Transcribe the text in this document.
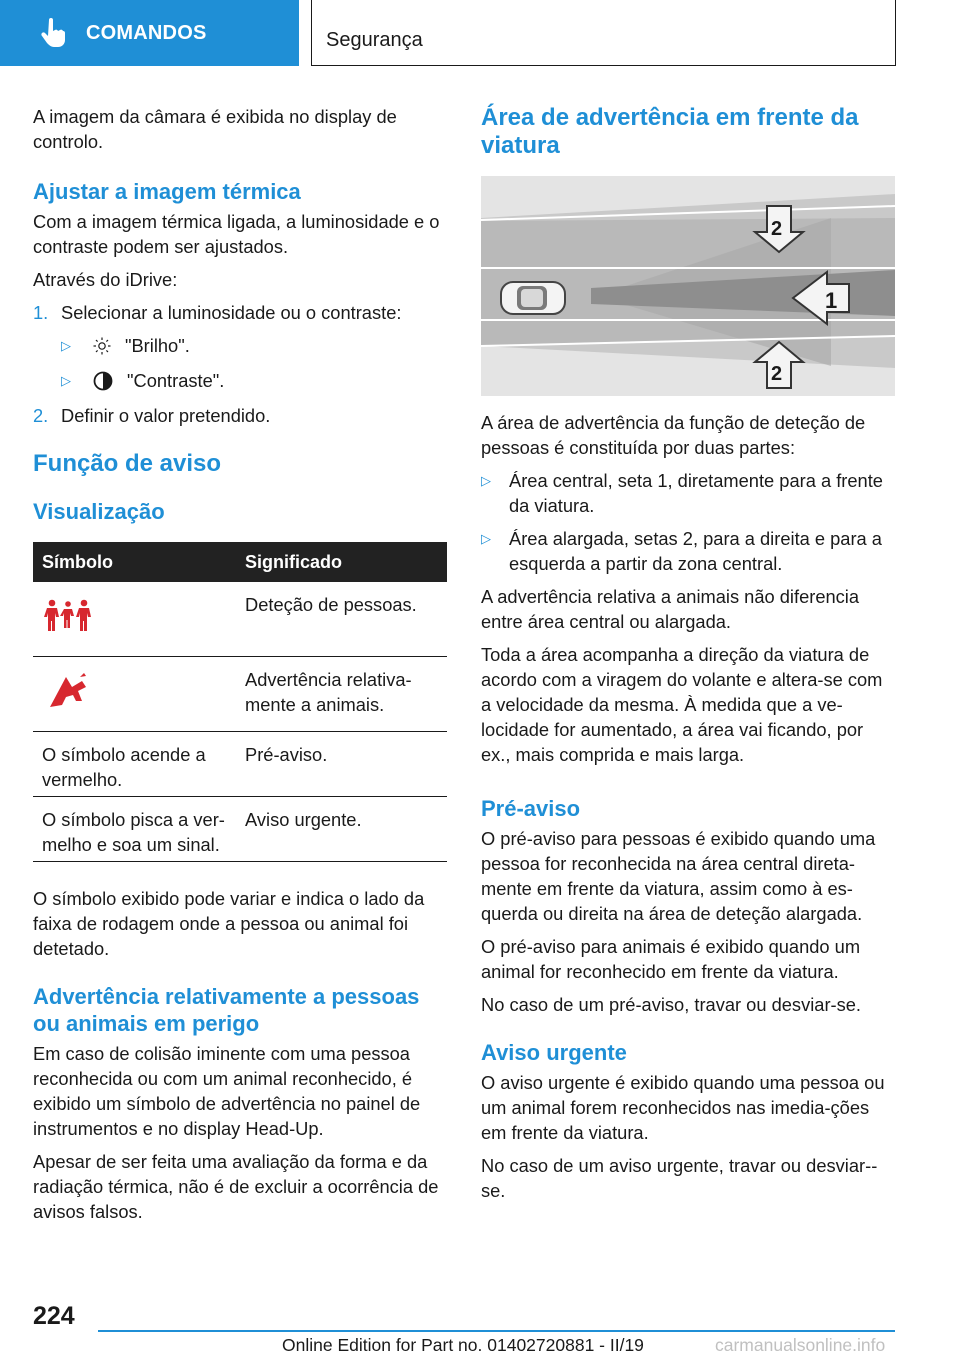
COMANDOS	Segurança

A imagem da câmara é exibida no display de controlo.

Ajustar a imagem térmica

Com a imagem térmica ligada, a luminosidade e o contraste podem ser ajustados.

Através do iDrive:

1. Selecionar a luminosidade ou o contraste:
▷	"Brilho".
▷	"Contraste".
2. Definir o valor pretendido.
Função de aviso
Visualização
Símbolo	Significado
	Deteção de pessoas.
	Advertência relativa-mente a animais.
O símbolo acende a vermelho.	Pré-aviso.
O símbolo pisca a ver-melho e soa um sinal.	Aviso urgente.

O símbolo exibido pode variar e indica o lado da faixa de rodagem onde a pessoa ou animal foi detetado.

Advertência relativamente a pessoas ou animais em perigo

Em caso de colisão iminente com uma pessoa reconhecida ou com um animal reconhecido, é exibido um símbolo de advertência no painel de instrumentos e no display Head-Up.

Apesar de ser feita uma avaliação da forma e da radiação térmica, não é de excluir a ocorrência de avisos falsos.

Área de advertência em frente da viatura
1
2
2

A área de advertência da função de deteção de pessoas é constituída por duas partes:

▷ Área central, seta 1, diretamente para a frente da viatura.
▷ Área alargada, setas 2, para a direita e para a esquerda a partir da zona central.

A advertência relativa a animais não diferencia entre área central ou alargada.

Toda a área acompanha a direção da viatura de acordo com a viragem do volante e altera-se com a velocidade da mesma. À medida que a ve-locidade for aumentado, a área vai ficando, por ex., mais comprida e mais larga.

Pré-aviso

O pré-aviso para pessoas é exibido quando uma pessoa for reconhecida na área central direta-mente em frente da viatura, assim como à es-querda ou direita na área de deteção alargada.

O pré-aviso para animais é exibido quando um animal for reconhecido em frente da viatura.

No caso de um pré-aviso, travar ou desviar-se.

Aviso urgente

O aviso urgente é exibido quando uma pessoa ou um animal forem reconhecidos nas imedia-ções em frente da viatura.

No caso de um aviso urgente, travar ou desviar--se.

224
Online Edition for Part no. 01402720881 - II/19	carmanualsonline.info
